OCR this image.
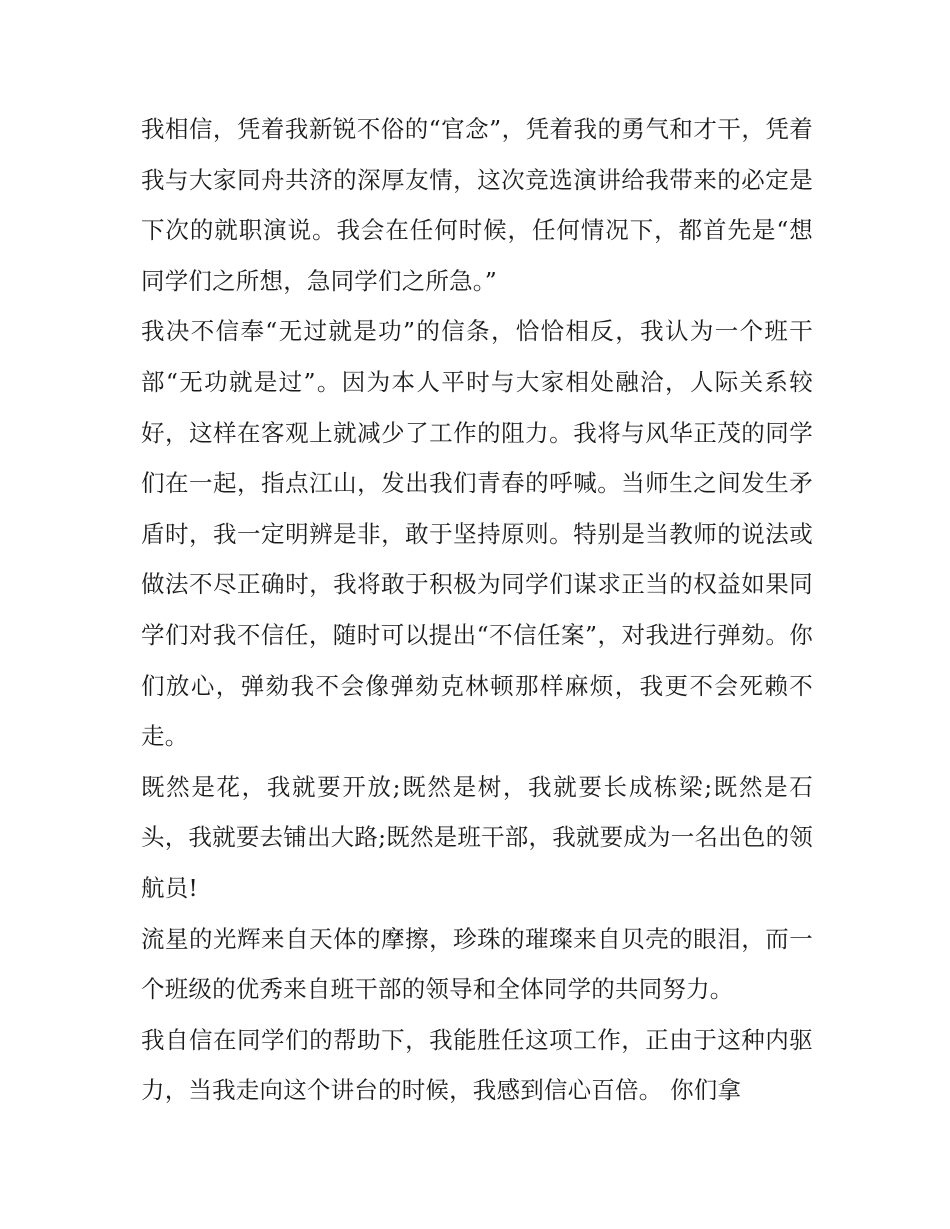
我相信，凭着我新锐不俗的“官念”，凭着我的勇气和才干，凭着我与大家同舟共济的深厚友情，这次竞选演讲给我带来的必定是下次的就职演说。我会在任何时候，任何情况下，都首先是“想同学们之所想，急同学们之所急。”

我决不信奉“无过就是功”的信条，恰恰相反，我认为一个班干部“无功就是过”。因为本人平时与大家相处融洽，人际关系较好，这样在客观上就减少了工作的阻力。我将与风华正茂的同学们在一起，指点江山，发出我们青春的呼喊。当师生之间发生矛盾时，我一定明辨是非，敢于坚持原则。特别是当教师的说法或做法不尽正确时，我将敢于积极为同学们谋求正当的权益如果同学们对我不信任，随时可以提出“不信任案”，对我进行弹劾。你们放心，弹劾我不会像弹劾克林顿那样麻烦，我更不会死赖不走。

既然是花，我就要开放;既然是树，我就要长成栋梁;既然是石头，我就要去铺出大路;既然是班干部，我就要成为一名出色的领航员!

流星的光辉来自天体的摩擦，珍珠的璀璨来自贝壳的眼泪，而一个班级的优秀来自班干部的领导和全体同学的共同努力。

我自信在同学们的帮助下，我能胜任这项工作，正由于这种内驱力，当我走向这个讲台的时候，我感到信心百倍。 你们拿
